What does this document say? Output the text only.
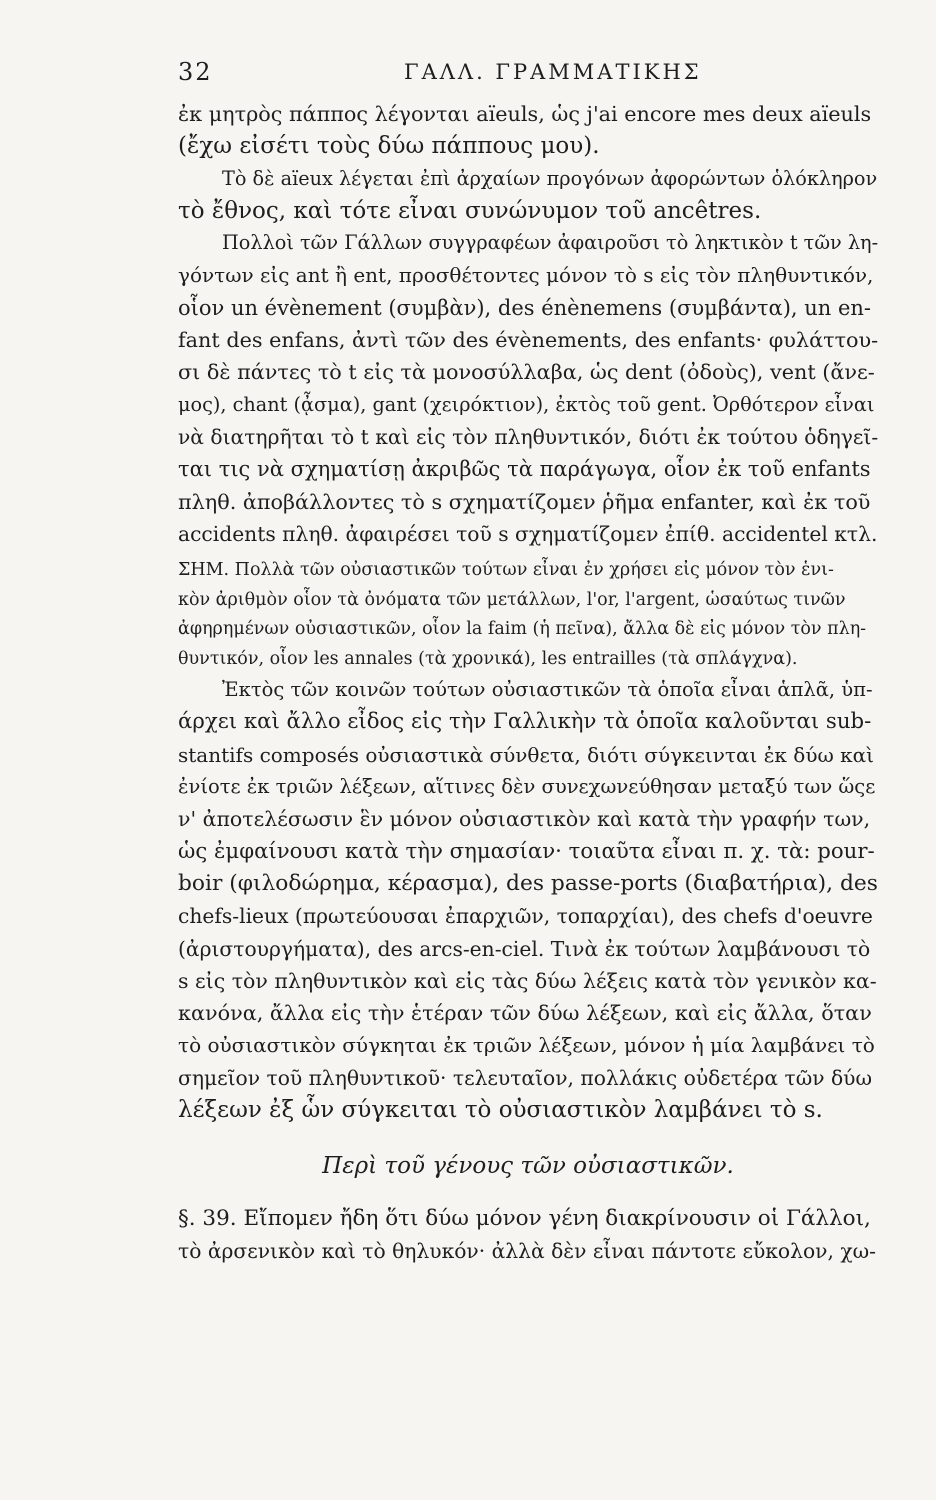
32	ΓΑΛΛ. ΓΡΑΜΜΑΤΙΚΗΣ

ἐκ μητρὸς πάππος λέγονται aïeuls, ὡς j'ai encore mes deux aïeuls
(ἔχω εἰσέτι τοὺς δύω πάππους μου).

Τὸ δὲ aïeux λέγεται ἐπὶ ἀρχαίων προγόνων ἀφορώντων ὁλόκληρον
τὸ ἔθνος, καὶ τότε εἶναι συνώνυμον τοῦ ancêtres.

Πολλοὶ τῶν Γάλλων συγγραφέων ἀφαιροῦσι τὸ ληκτικὸν t τῶν λη-
γόντων εἰς ant ἢ ent, προσθέτοντες μόνον τὸ s εἰς τὸν πληθυντικόν,
οἷον un évènement (συμβὰν), des énènemens (συμβάντα), un en-
fant des enfans, ἀντὶ τῶν des évènements, des enfants· φυλάττου-
σι δὲ πάντες τὸ t εἰς τὰ μονοσύλλαβα, ὡς dent (ὀδοὺς), vent (ἄνε-
μος), chant (ᾆσμα), gant (χειρόκτιον), ἐκτὸς τοῦ gent. Ὀρθότερον εἶναι
νὰ διατηρῆται τὸ t καὶ εἰς τὸν πληθυντικόν, διότι ἐκ τούτου ὁδηγεῖ-
ται τις νὰ σχηματίσῃ ἀκριβῶς τὰ παράγωγα, οἷον ἐκ τοῦ enfants
πληθ. ἀποβάλλοντες τὸ s σχηματίζομεν ῥῆμα enfanter, καὶ ἐκ τοῦ
accidents πληθ. ἀφαιρέσει τοῦ s σχηματίζομεν ἐπίθ. accidentel κτλ.

ΣΗΜ. Πολλὰ τῶν οὐσιαστικῶν τούτων εἶναι ἐν χρήσει εἰς μόνον τὸν ἑνι-
κὸν ἀριθμὸν οἷον τὰ ὀνόματα τῶν μετάλλων, l'or, l'argent, ὡσαύτως τινῶν
ἀφηρημένων οὐσιαστικῶν, οἷον la faim (ἡ πεῖνα), ἄλλα δὲ εἰς μόνον τὸν πλη-
θυντικόν, οἷον les annales (τὰ χρονικά), les entrailles (τὰ σπλάγχνα).

Ἐκτὸς τῶν κοινῶν τούτων οὐσιαστικῶν τὰ ὁποῖα εἶναι ἁπλᾶ, ὑπ-
άρχει καὶ ἄλλο εἶδος εἰς τὴν Γαλλικὴν τὰ ὁποῖα καλοῦνται sub-
stantifs composés οὐσιαστικὰ σύνθετα, διότι σύγκεινται ἐκ δύω καὶ
ἐνίοτε ἐκ τριῶν λέξεων, αἵτινες δὲν συνεχωνεύθησαν μεταξύ των ὥςε
ν' ἀποτελέσωσιν ἓν μόνον οὐσιαστικὸν καὶ κατὰ τὴν γραφήν των,
ὡς ἐμφαίνουσι κατὰ τὴν σημασίαν· τοιαῦτα εἶναι π. χ. τὰ: pour-
boir (φιλοδώρημα, κέρασμα), des passe-ports (διαβατήρια), des
chefs-lieux (πρωτεύουσαι ἐπαρχιῶν, τοπαρχίαι), des chefs d'oeuvre
(ἀριστουργήματα), des arcs-en-ciel. Τινὰ ἐκ τούτων λαμβάνουσι τὸ
s εἰς τὸν πληθυντικὸν καὶ εἰς τὰς δύω λέξεις κατὰ τὸν γενικὸν κα-
κανόνα, ἄλλα εἰς τὴν ἑτέραν τῶν δύω λέξεων, καὶ εἰς ἄλλα, ὅταν
τὸ οὐσιαστικὸν σύγκηται ἐκ τριῶν λέξεων, μόνον ἡ μία λαμβάνει τὸ
σημεῖον τοῦ πληθυντικοῦ· τελευταῖον, πολλάκις οὐδετέρα τῶν δύω
λέξεων ἐξ ὧν σύγκειται τὸ οὐσιαστικὸν λαμβάνει τὸ s.

Περὶ τοῦ γένους τῶν οὐσιαστικῶν.

§. 39. Εἴπομεν ἤδη ὅτι δύω μόνον γένη διακρίνουσιν οἱ Γάλλοι,
τὸ ἀρσενικὸν καὶ τὸ θηλυκόν· ἀλλὰ δὲν εἶναι πάντοτε εὔκολον, χω-
